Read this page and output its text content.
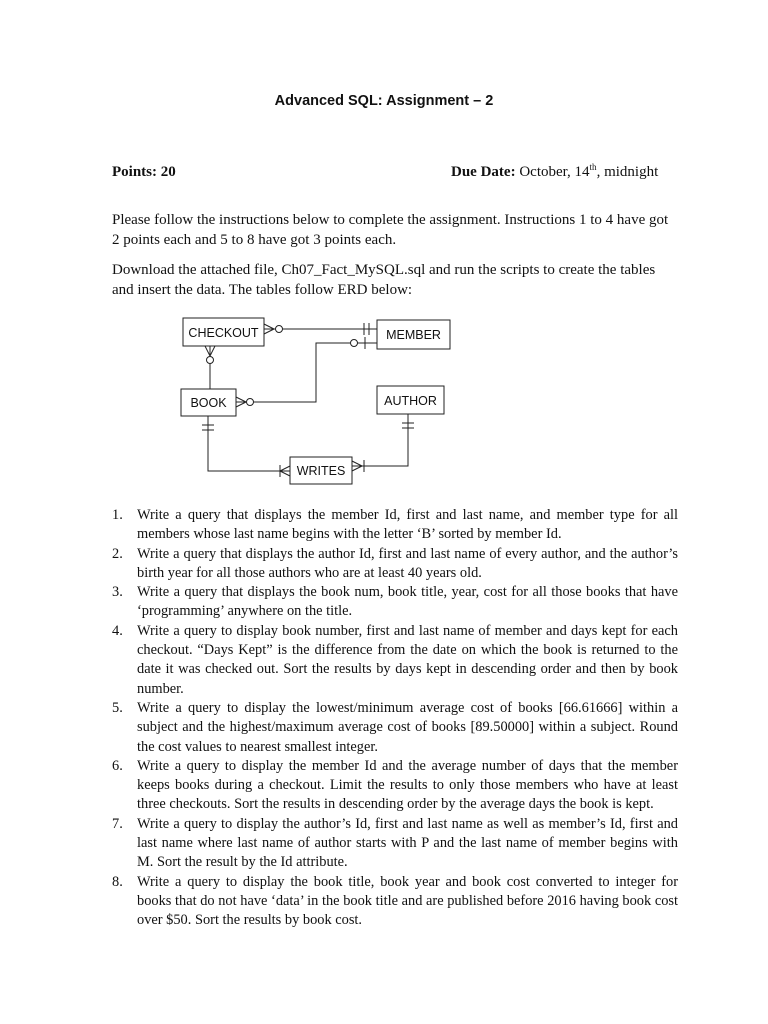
Advanced SQL: Assignment – 2
Points: 20	Due Date: October, 14th, midnight
Please follow the instructions below to complete the assignment. Instructions 1 to 4 have got 2 points each and 5 to 8 have got 3 points each.
Download the attached file, Ch07_Fact_MySQL.sql and run the scripts to create the tables and insert the data. The tables follow ERD below:
CHECKOUT	MEMBER
BOOK	AUTHOR
WRITES
1. Write a query that displays the member Id, first and last name, and member type for all members whose last name begins with the letter ‘B’ sorted by member Id.
2. Write a query that displays the author Id, first and last name of every author, and the author’s birth year for all those authors who are at least 40 years old.
3. Write a query that displays the book num, book title, year, cost for all those books that have ‘programming’ anywhere on the title.
4. Write a query to display book number, first and last name of member and days kept for each checkout. “Days Kept” is the difference from the date on which the book is returned to the date it was checked out. Sort the results by days kept in descending order and then by book number.
5. Write a query to display the lowest/minimum average cost of books [66.61666] within a subject and the highest/maximum average cost of books [89.50000] within a subject. Round the cost values to nearest smallest integer.
6. Write a query to display the member Id and the average number of days that the member keeps books during a checkout. Limit the results to only those members who have at least three checkouts. Sort the results in descending order by the average days the book is kept.
7. Write a query to display the author’s Id, first and last name as well as member’s Id, first and last name where last name of author starts with P and the last name of member begins with M. Sort the result by the Id attribute.
8. Write a query to display the book title, book year and book cost converted to integer for books that do not have ‘data’ in the book title and are published before 2016 having book cost over $50. Sort the results by book cost.
